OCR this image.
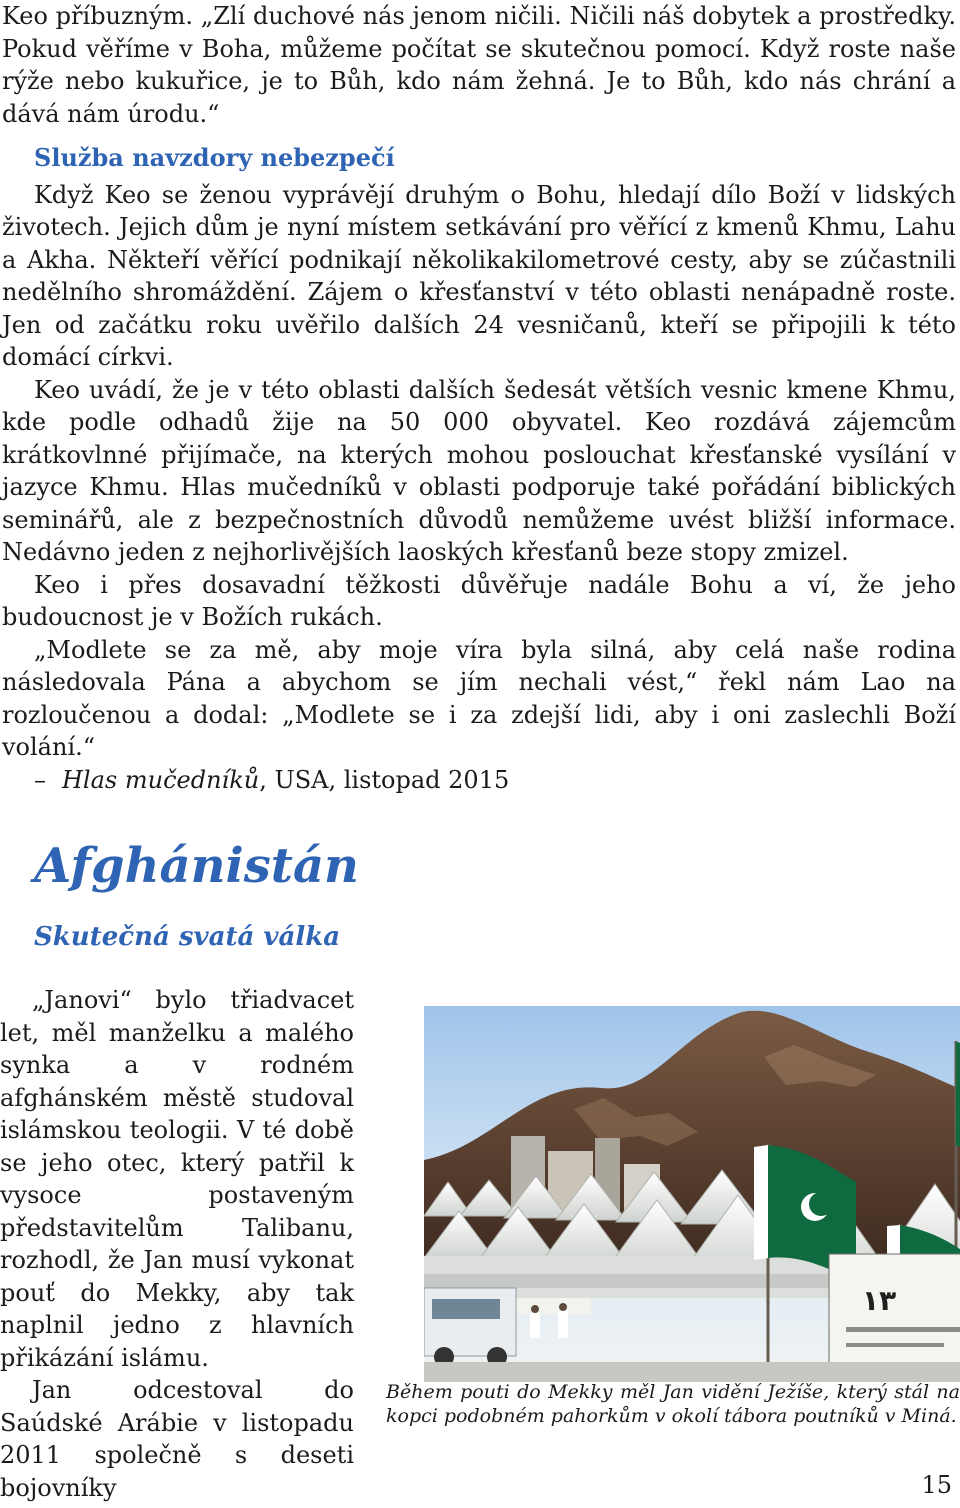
Keo příbuzným. „Zlí duchové nás jenom ničili. Ničili náš dobytek a prostředky. Pokud věříme v Boha, můžeme počítat se skutečnou pomocí. Když roste naše rýže nebo kukuřice, je to Bůh, kdo nám žehná. Je to Bůh, kdo nás chrání a dává nám úrodu.“

Služba navzdory nebezpečí

Když Keo se ženou vyprávějí druhým o Bohu, hledají dílo Boží v lidských životech. Jejich dům je nyní místem setkávání pro věřící z kmenů Khmu, Lahu a Akha. Někteří věřící podnikají několikakilometrové cesty, aby se zúčastnili nedělního shromáždění. Zájem o křesťanství v této oblasti nenápadně roste. Jen od začátku roku uvěřilo dalších 24 vesničanů, kteří se připojili k této domácí církvi.

Keo uvádí, že je v této oblasti dalších šedesát větších vesnic kmene Khmu, kde podle odhadů žije na 50 000 obyvatel. Keo rozdává zájemcům krátkovlnné přijímače, na kterých mohou poslouchat křesťanské vysílání v jazyce Khmu. Hlas mučedníků v oblasti podporuje také pořádání biblických seminářů, ale z bezpečnostních důvodů nemůžeme uvést bližší informace. Nedávno jeden z nejhorlivějších laoských křesťanů beze stopy zmizel.

Keo i přes dosavadní těžkosti důvěřuje nadále Bohu a ví, že jeho budoucnost je v Božích rukách.

„Modlete se za mě, aby moje víra byla silná, aby celá naše rodina následovala Pána a abychom se jím nechali vést,“ řekl nám Lao na rozloučenou a dodal: „Modlete se i za zdejší lidi, aby i oni zaslechli Boží volání.“

– Hlas mučedníků, USA, listopad 2015

Afghánistán
Skutečná svatá válka

„Janovi“ bylo třiadvacet let, měl manželku a malého synka a v rodném afghánském městě studoval islámskou teologii. V té době se jeho otec, který patřil k vysoce postaveným představitelům Talibanu, rozhodl, že Jan musí vykonat pouť do Mekky, aby tak naplnil jedno z hlavních přikázání islámu.

Jan odcestoval do Saúdské Arábie v listopadu 2011 společně s deseti bojovníky

١٣

Během pouti do Mekky měl Jan vidění Ježíše, který stál na kopci podobném pahorkům v okolí tábora poutníků v Miná.

15
